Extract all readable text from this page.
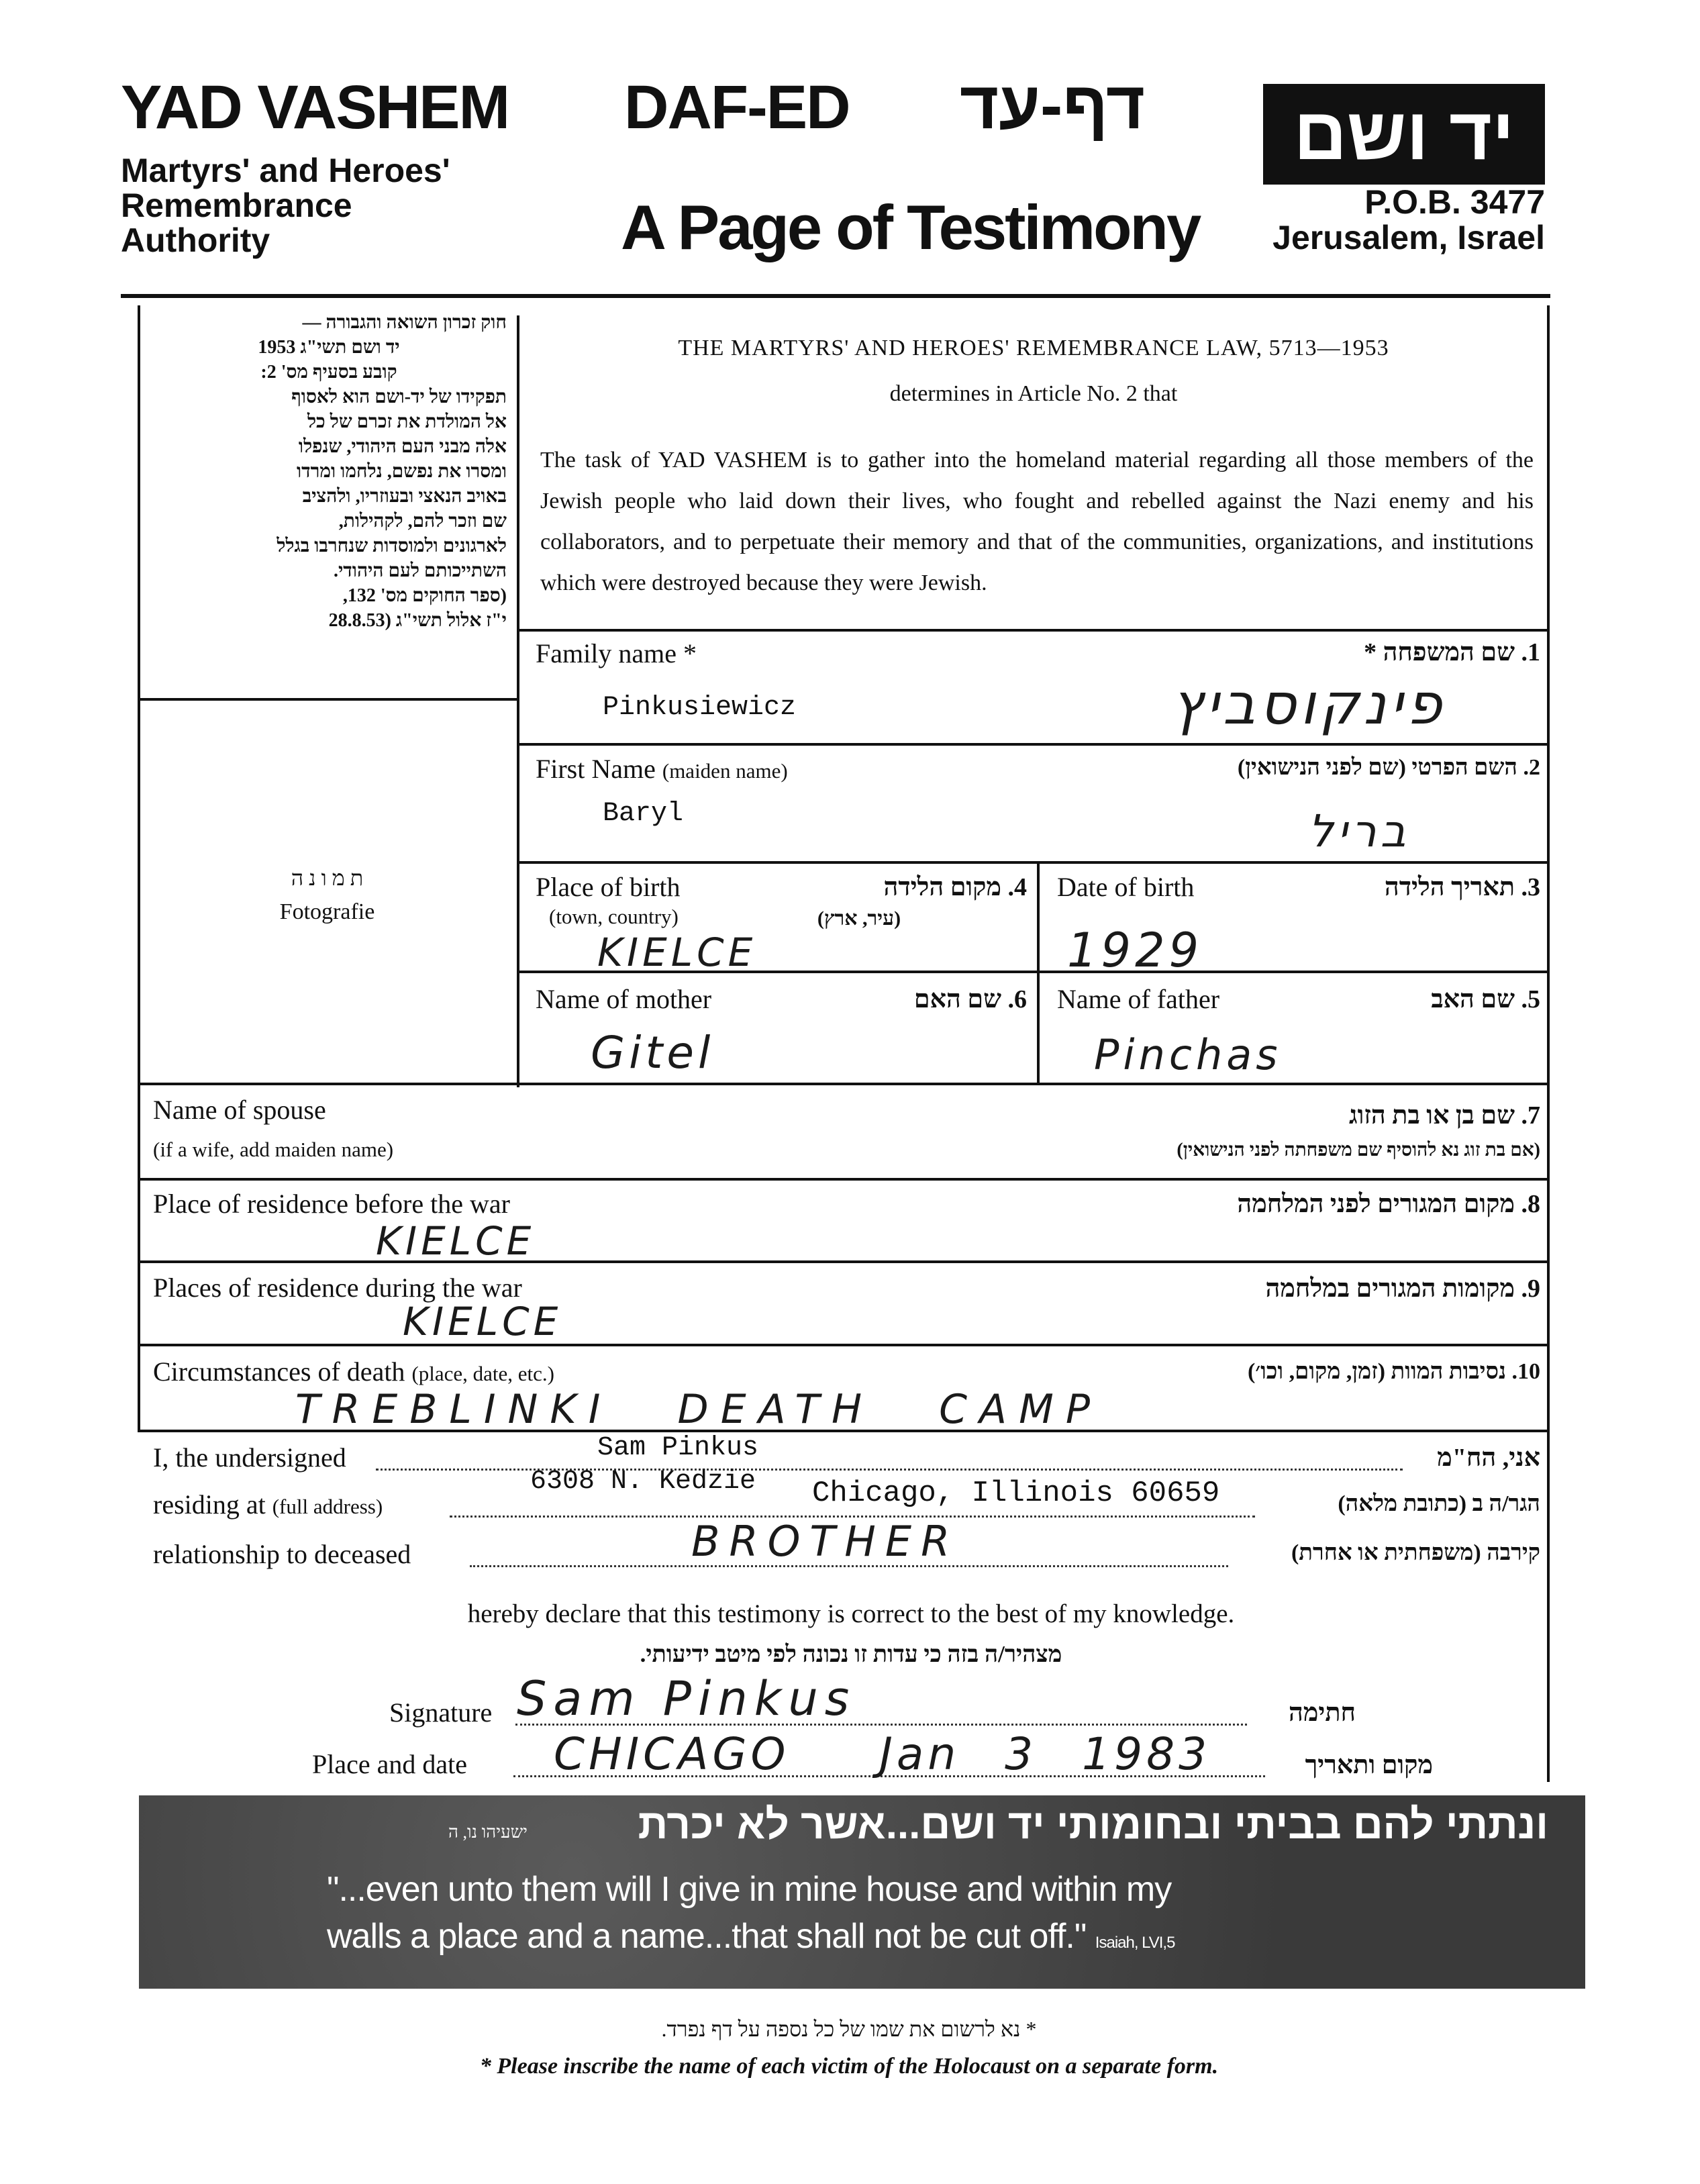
YAD VASHEM
Martyrs' and Heroes'
Remembrance
Authority
DAF-ED דף-עד
A Page of Testimony
יד ושם
P.O.B. 3477
Jerusalem, Israel
חוק זכרון השואה והגבורה —
יד ושם תשי"ג 1953
קובע בסעיף מס' 2:
תפקידו של יד-ושם הוא לאסוף
אל המולדת את זכרם של כל
אלה מבני העם היהודי, שנפלו
ומסרו את נפשם, נלחמו ומרדו
באויב הנאצי ובעוזריו, ולהציב
שם וזכר להם, לקהילות,
לארגונים ולמוסדות שנחרבו בגלל
השתייכותם לעם היהודי.
(ספר החוקים מס' 132,
י"ז אלול תשי"ג (28.8.53
ת מ ו נ ה
Fotografie
THE MARTYRS' AND HEROES' REMEMBRANCE LAW, 5713—1953
determines in Article No. 2 that
The task of YAD VASHEM is to gather into the homeland material regarding all those members of the Jewish people who laid down their lives, who fought and rebelled against the Nazi enemy and his collaborators, and to perpetuate their memory and that of the communities, organizations, and institutions which were destroyed because they were Jewish.
Family name *	1. שם המשפחה *
Pinkusiewicz	פינקוסביץ
First Name (maiden name)	2. השם הפרטי (שם לפני הנישואין)
Baryl	בריל
Place of birth
(town, country)
4. מקום הלידה
(עיר, ארץ)
KIELCE
Date of birth	3. תאריך הלידה
1929
Name of mother	6. שם האם
Gitel
Name of father	5. שם האב
Pinchas
Name of spouse
(if a wife, add maiden name)
7. שם בן או בת הזוג
(אם בת זוג נא להוסיף שם משפחתה לפני הנישואין)
Place of residence before the war	8. מקום המגורים לפני המלחמה
KIELCE
Places of residence during the war	9. מקומות המגורים במלחמה
KIELCE
Circumstances of death (place, date, etc.)	10. נסיבות המוות (זמן, מקום, וכו׳)
TREBLINKI DEATH CAMP
I, the undersigned	אני, הח"מ
Sam Pinkus
residing at (full address)	הגר/ה ב (כתובת מלאה)
6308 N. Kedzie Chicago, Illinois 60659
relationship to deceased	קירבה (משפחתית או אחרת)
BROTHER
hereby declare that this testimony is correct to the best of my knowledge.
מצהיר/ה בזה כי עדות זו נכונה לפי מיטב ידיעותי.
Signature	חתימה
Sam Pinkus
Place and date	מקום ותאריך
CHICAGO  Jan 3 1983
ונתתי להם בביתי ובחומותי יד ושם...אשר לא יכרת
ישעיהו נו, ה
"...even unto them will I give in mine house and within my
walls a place and a name...that shall not be cut off." Isaiah, LVI,5
* נא לרשום את שמו של כל נספה על דף נפרד.
* Please inscribe the name of each victim of the Holocaust on a separate form.
